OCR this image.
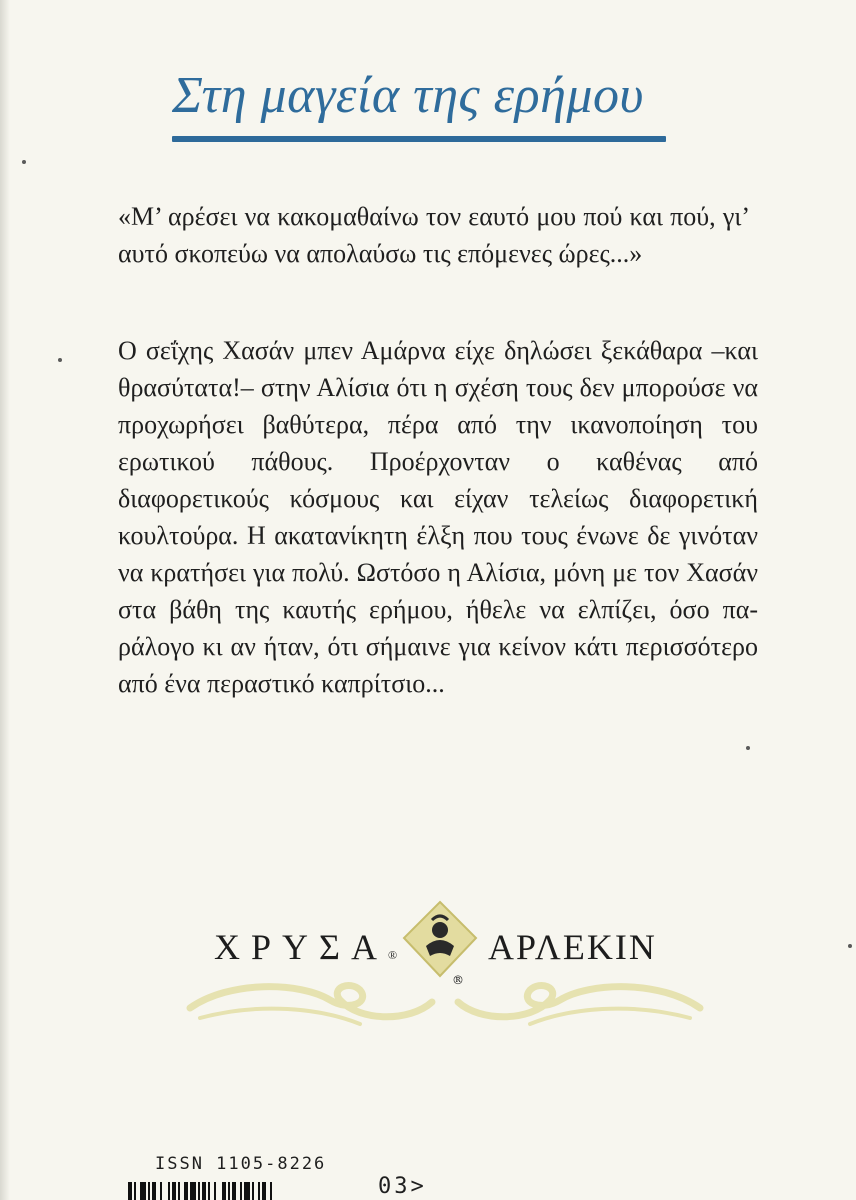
Στη μαγεία της ερήμου
«Μ’ αρέσει να κακομαθαίνω τον εαυτό μου πού και πού, γι’ αυτό σκοπεύω να απολαύσω τις επόμενες ώρες...»
Ο σεΐχης Χασάν μπεν Αμάρνα είχε δηλώσει ξεκάθαρα –και θρασύτατα!– στην Αλίσια ότι η σχέση τους δεν μπορούσε να προχωρήσει βαθύτερα, πέρα από την ικανοποίηση του ερωτικού πάθους. Προέρχονταν ο καθένας από διαφορετικούς κόσμους και είχαν τελείως διαφορετική κουλτούρα. Η ακατανίκητη έλξη που τους ένωνε δε γινόταν να κρατήσει για πολύ. Ωστόσο η Αλίσια, μόνη με τον Χασάν στα βάθη της καυτής ερήμου, ήθελε να ελπίζει, όσο παράλογο κι αν ήταν, ότι σήμαινε για κείνον κάτι περισσότερο από ένα περαστικό καπρίτσιο...
ΧΡΥΣΑ®	ΑΡΛΕΚΙΝ
®
ISSN 1105-8226
03>
